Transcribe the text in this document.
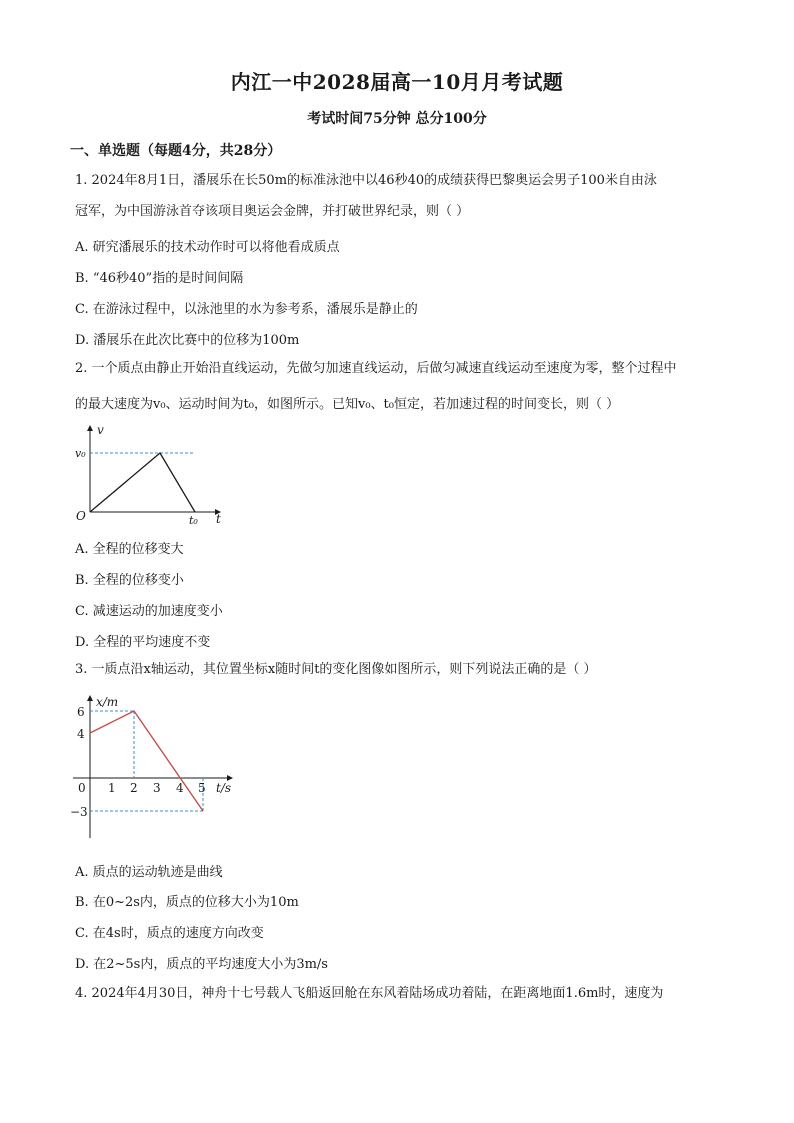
内江一中2028届高一10月月考试题
考试时间75分钟 总分100分
一、单选题（每题4分，共28分）
1. 2024年8月1日，潘展乐在长50m的标准泳池中以46秒40的成绩获得巴黎奥运会男子100米自由泳
冠军，为中国游泳首夺该项目奥运会金牌，并打破世界纪录，则（ ）
A. 研究潘展乐的技术动作时可以将他看成质点
B. “46秒40”指的是时间间隔
C. 在游泳过程中，以泳池里的水为参考系，潘展乐是静止的
D. 潘展乐在此次比赛中的位移为100m
2. 一个质点由静止开始沿直线运动，先做匀加速直线运动，后做匀减速直线运动至速度为零，整个过程中
的最大速度为v₀、运动时间为t₀，如图所示。已知v₀、t₀恒定，若加速过程的时间变长，则（ ）
v
v₀
O	t₀ t
A. 全程的位移变大
B. 全程的位移变小
C. 减速运动的加速度变小
D. 全程的平均速度不变
3. 一质点沿x轴运动，其位置坐标x随时间t的变化图像如图所示，则下列说法正确的是（ ）
x/m
6
4
−3
0 1 2 3 4 5 t/s
A. 质点的运动轨迹是曲线
B. 在0~2s内，质点的位移大小为10m
C. 在4s时，质点的速度方向改变
D. 在2~5s内，质点的平均速度大小为3m/s
4. 2024年4月30日，神舟十七号载人飞船返回舱在东风着陆场成功着陆，在距离地面1.6m时，速度为
